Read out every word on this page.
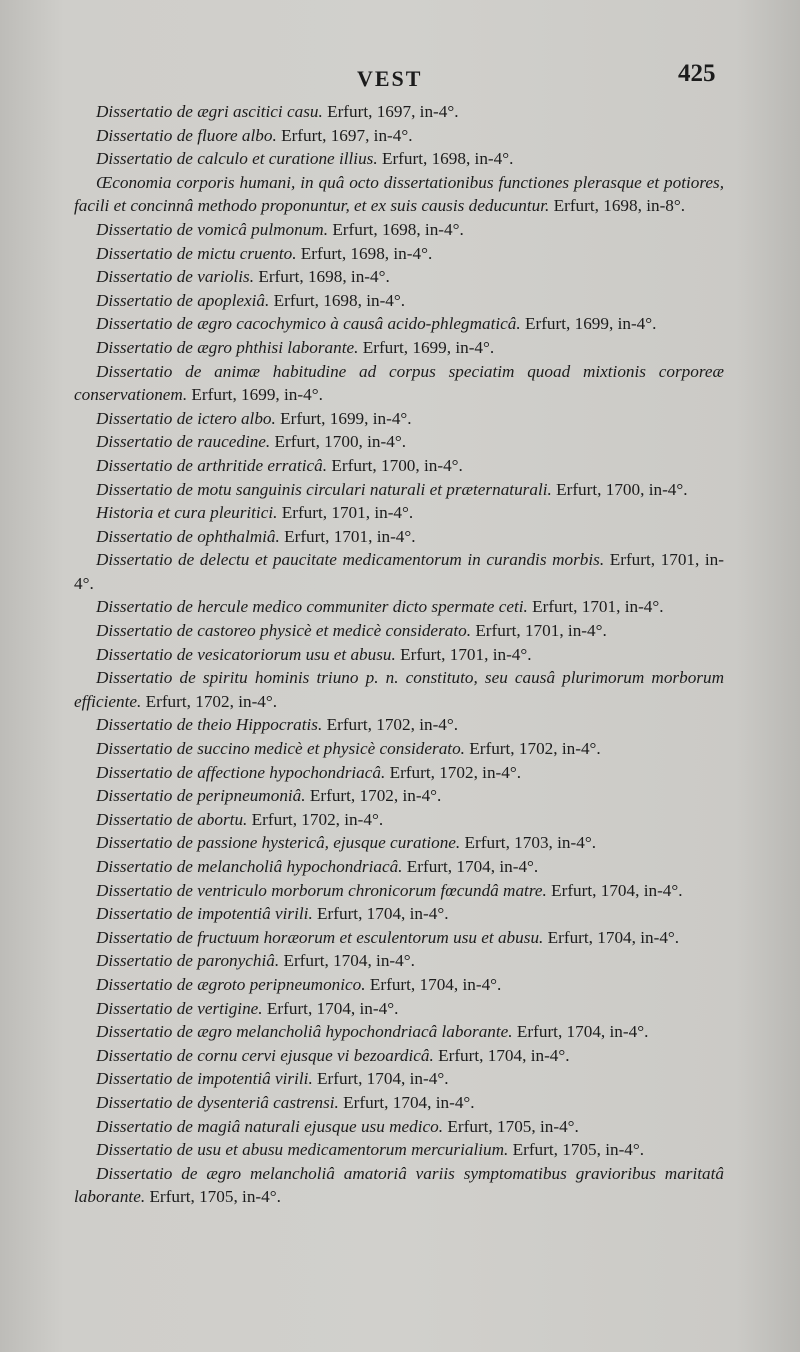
VEST	425

Dissertatio de ægri ascitici casu. Erfurt, 1697, in-4°.

Dissertatio de fluore albo. Erfurt, 1697, in-4°.

Dissertatio de calculo et curatione illius. Erfurt, 1698, in-4°.

Œconomia corporis humani, in quâ octo dissertationibus functiones plerasque et potiores, facili et concinnâ methodo proponuntur, et ex suis causis deducuntur. Erfurt, 1698, in-8°.

Dissertatio de vomicâ pulmonum. Erfurt, 1698, in-4°.

Dissertatio de mictu cruento. Erfurt, 1698, in-4°.

Dissertatio de variolis. Erfurt, 1698, in-4°.

Dissertatio de apoplexiâ. Erfurt, 1698, in-4°.

Dissertatio de ægro cacochymico à causâ acido-phlegmaticâ. Erfurt, 1699, in-4°.

Dissertatio de ægro phthisi laborante. Erfurt, 1699, in-4°.

Dissertatio de animæ habitudine ad corpus speciatim quoad mixtionis corporeæ conservationem. Erfurt, 1699, in-4°.

Dissertatio de ictero albo. Erfurt, 1699, in-4°.

Dissertatio de raucedine. Erfurt, 1700, in-4°.

Dissertatio de arthritide erraticâ. Erfurt, 1700, in-4°.

Dissertatio de motu sanguinis circulari naturali et præternaturali. Erfurt, 1700, in-4°.

Historia et cura pleuritici. Erfurt, 1701, in-4°.

Dissertatio de ophthalmiâ. Erfurt, 1701, in-4°.

Dissertatio de delectu et paucitate medicamentorum in curandis morbis. Erfurt, 1701, in-4°.

Dissertatio de hercule medico communiter dicto spermate ceti. Erfurt, 1701, in-4°.

Dissertatio de castoreo physicè et medicè considerato. Erfurt, 1701, in-4°.

Dissertatio de vesicatoriorum usu et abusu. Erfurt, 1701, in-4°.

Dissertatio de spiritu hominis triuno p. n. constituto, seu causâ plurimorum morborum efficiente. Erfurt, 1702, in-4°.

Dissertatio de theio Hippocratis. Erfurt, 1702, in-4°.

Dissertatio de succino medicè et physicè considerato. Erfurt, 1702, in-4°.

Dissertatio de affectione hypochondriacâ. Erfurt, 1702, in-4°.

Dissertatio de peripneumoniâ. Erfurt, 1702, in-4°.

Dissertatio de abortu. Erfurt, 1702, in-4°.

Dissertatio de passione hystericâ, ejusque curatione. Erfurt, 1703, in-4°.

Dissertatio de melancholiâ hypochondriacâ. Erfurt, 1704, in-4°.

Dissertatio de ventriculo morborum chronicorum fœcundâ matre. Erfurt, 1704, in-4°.

Dissertatio de impotentiâ virili. Erfurt, 1704, in-4°.

Dissertatio de fructuum horæorum et esculentorum usu et abusu. Erfurt, 1704, in-4°.

Dissertatio de paronychiâ. Erfurt, 1704, in-4°.

Dissertatio de ægroto peripneumonico. Erfurt, 1704, in-4°.

Dissertatio de vertigine. Erfurt, 1704, in-4°.

Dissertatio de ægro melancholiâ hypochondriacâ laborante. Erfurt, 1704, in-4°.

Dissertatio de cornu cervi ejusque vi bezoardicâ. Erfurt, 1704, in-4°.

Dissertatio de impotentiâ virili. Erfurt, 1704, in-4°.

Dissertatio de dysenteriâ castrensi. Erfurt, 1704, in-4°.

Dissertatio de magiâ naturali ejusque usu medico. Erfurt, 1705, in-4°.

Dissertatio de usu et abusu medicamentorum mercurialium. Erfurt, 1705, in-4°.

Dissertatio de ægro melancholiâ amatoriâ variis symptomatibus gravioribus maritatâ laborante. Erfurt, 1705, in-4°.
